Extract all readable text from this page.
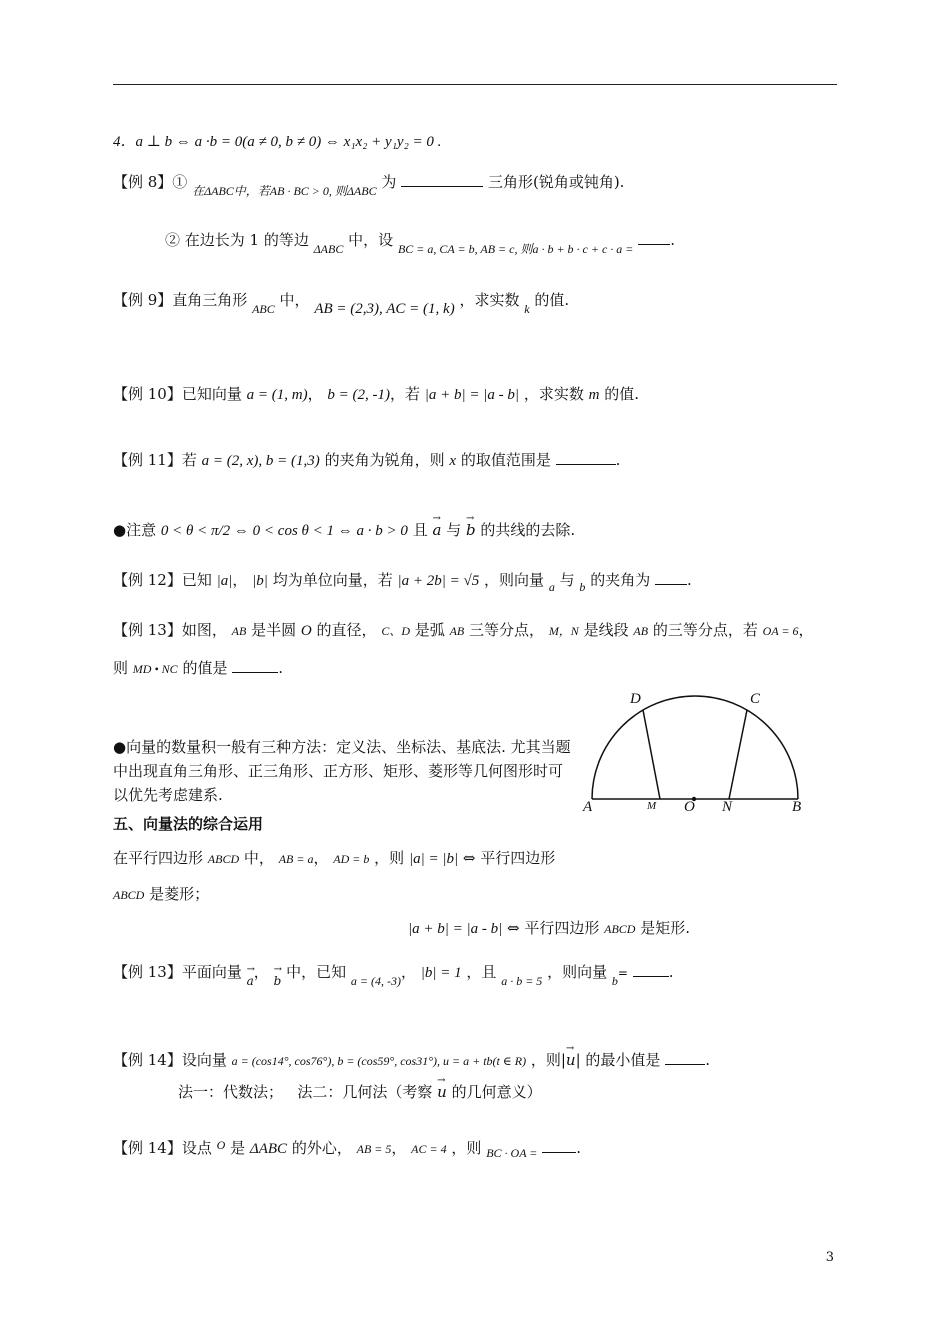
4．a ⊥ b ⇔ a ·b = 0(a ≠ 0, b ≠ 0) ⇔ x₁x₂ + y₁y₂ = 0 .
【例 8】① $_{在\Delta ABC中,若AB \cdot BC > 0, 则\Delta ABC}$ 为	三角形(锐角或钝角).
② 在边长为 1 的等边 $_{\Delta ABC}$ 中，设 $_{BC = a, CA = b, AB = c, 则a \cdot b + b \cdot c + c \cdot a =}$ .
【例 9】直角三角形 $_{ABC}$ 中， AB = (2,3), AC = (1, k) ，求实数 $_k$ 的值.
【例 10】已知向量 a = (1, m)， b = (2, -1)，若 |a + b| = |a - b| ，求实数 m 的值.
【例 11】若 a = (2, x), b = (1,3) 的夹角为锐角，则 x 的取值范围是	.
●注意 0 < θ < π/2 ⇔ 0 < cos θ < 1 ⇔ a · b > 0 且 → a 与 → b 的共线的去除.
【例 12】已知 |a|， |b| 均为单位向量，若 |a + 2b| = √5 ，则向量 $_a$ 与 $_b$ 的夹角为 .
【例 13】如图， AB 是半圆 O 的直径， C、D 是弧 AB 三等分点， M，N 是线段 AB 的三等分点，若 OA = 6，
则 MD • NC 的值是	.
D	C
A	M O N	B
●向量的数量积一般有三种方法：定义法、坐标法、基底法. 尤其当题中出现直角三角形、正三角形、正方形、矩形、菱形等几何图形时可以优先考虑建系.
五、向量法的综合运用
在平行四边形 ABCD 中， AB = a， AD = b ，则 |a| = |b| ⇔ 平行四边形
ABCD 是菱形；
|a + b| = |a - b| ⇔ 平行四边形 ABCD 是矩形.
【例 13】平面向量 → a， → b 中，已知 $_{a = (4, -3)}$， |b| = 1 ，且 $_{a \cdot b = 5}$ ，则向量 $_b$=	.
【例 14】设向量 a = (cos14°, cos76°), b = (cos59°, cos31°), u = a + tb(t ∈ R) ，则|→ u| 的最小值是	.
法一：代数法； 法二：几何法（考察 → u 的几何意义）
【例 14】设点 $^O$ 是 ΔABC 的外心， AB = 5， AC = 4 ，则 $_{BC \cdot OA =}$	.
3
